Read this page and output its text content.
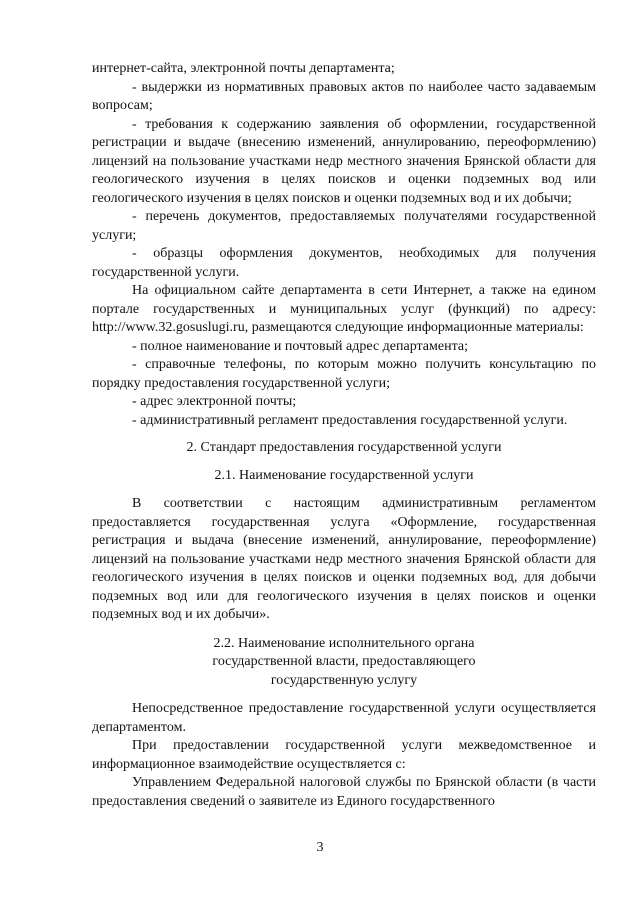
интернет-сайта, электронной почты департамента;

- выдержки из нормативных правовых актов по наиболее часто задаваемым вопросам;

- требования к содержанию заявления об оформлении, государственной регистрации и выдаче (внесению изменений, аннулированию, переоформлению) лицензий на пользование участками недр местного значения Брянской области для геологического изучения в целях поисков и оценки подземных вод или геологического изучения в целях поисков и оценки подземных вод и их добычи;

- перечень документов, предоставляемых получателями государственной услуги;

- образцы оформления документов, необходимых для получения государственной услуги.

На официальном сайте департамента в сети Интернет, а также на едином портале государственных и муниципальных услуг (функций) по адресу: http://www.32.gosuslugi.ru, размещаются следующие информационные материалы:

- полное наименование и почтовый адрес департамента;

- справочные телефоны, по которым можно получить консультацию по порядку предоставления государственной услуги;

- адрес электронной почты;

- административный регламент предоставления государственной услуги.

2. Стандарт предоставления государственной услуги

2.1. Наименование государственной услуги

В соответствии с настоящим административным регламентом предоставляется государственная услуга «Оформление, государственная регистрация и выдача (внесение изменений, аннулирование, переоформление) лицензий на пользование участками недр местного значения Брянской области для геологического изучения в целях поисков и оценки подземных вод, для добычи подземных вод или для геологического изучения в целях поисков и оценки подземных вод и их добычи».

2.2. Наименование исполнительного органа

государственной власти, предоставляющего

государственную услугу

Непосредственное предоставление государственной услуги осуществляется департаментом.

При предоставлении государственной услуги межведомственное и информационное взаимодействие осуществляется с:

Управлением Федеральной налоговой службы по Брянской области (в части предоставления сведений о заявителе из Единого государственного

3
